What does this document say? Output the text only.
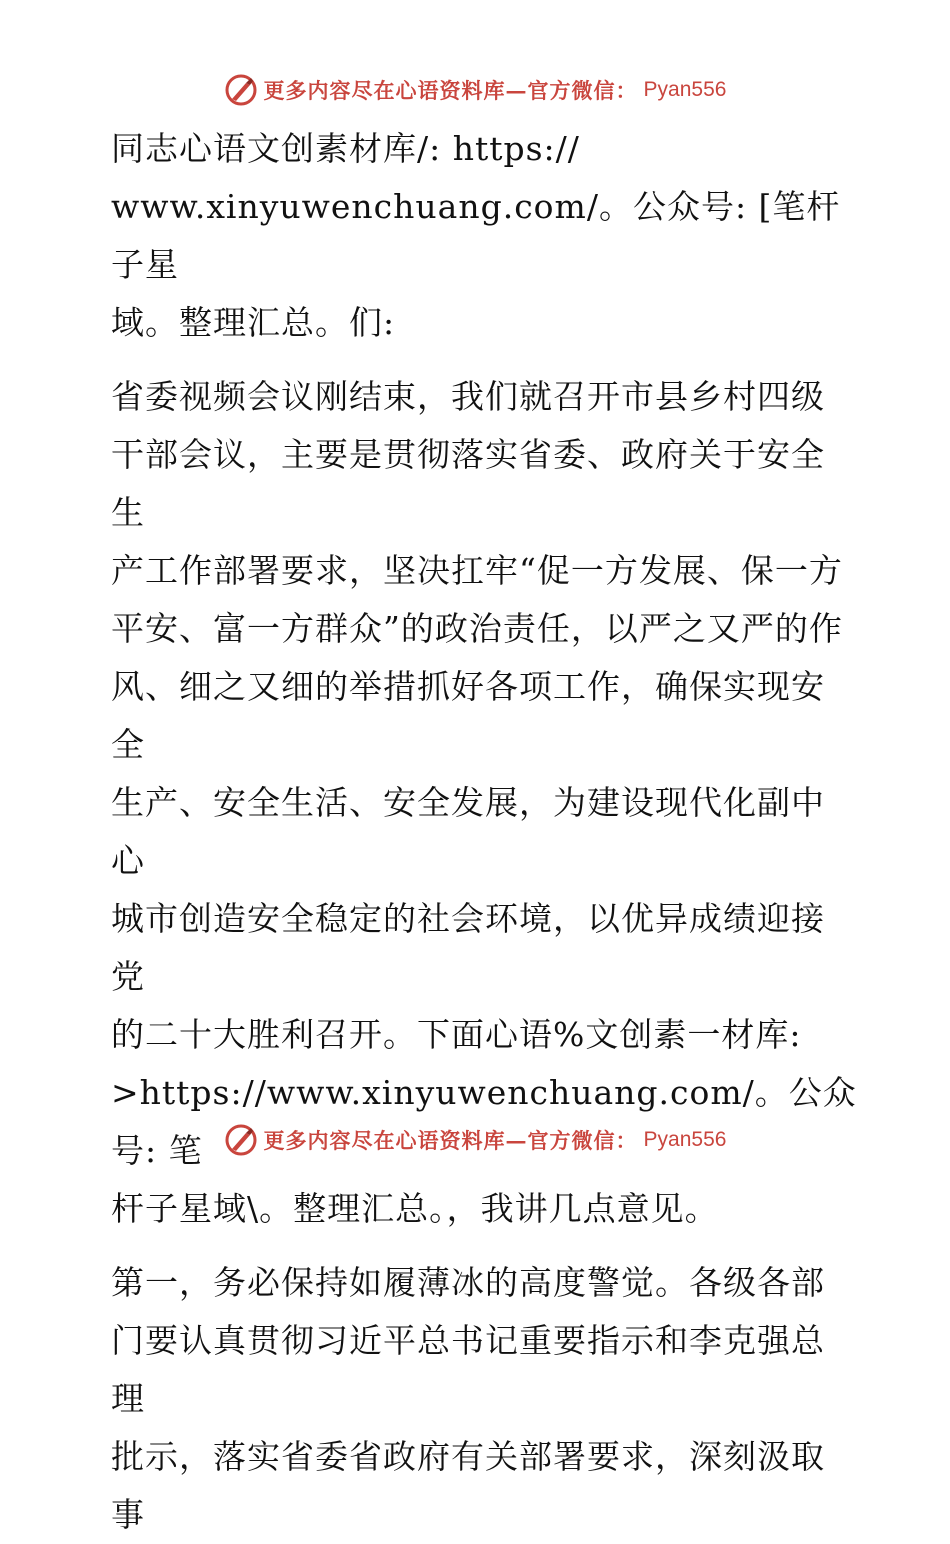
更多内容尽在心语资料库—官方微信： Pyan556

同志心语文创素材库/: https://
www.xinyuwenchuang.com/。公众号: [笔杆子星
域。整理汇总。们:

省委视频会议刚结束，我们就召开市县乡村四级
干部会议，主要是贯彻落实省委、政府关于安全生
产工作部署要求，坚决扛牢“促一方发展、保一方
平安、富一方群众”的政治责任，以严之又严的作
风、细之又细的举措抓好各项工作，确保实现安全
生产、安全生活、安全发展，为建设现代化副中心
城市创造安全稳定的社会环境，以优异成绩迎接党
的二十大胜利召开。下面心语%文创素一材库:
>https://www.xinyuwenchuang.com/。公众号: 笔
杆子星域\。整理汇总。，我讲几点意见。

第一，务必保持如履薄冰的高度警觉。各级各部
门要认真贯彻习近平总书记重要指示和李克强总理
批示，落实省委省政府有关部署要求，深刻汲取事

更多内容尽在心语资料库—官方微信： Pyan556
